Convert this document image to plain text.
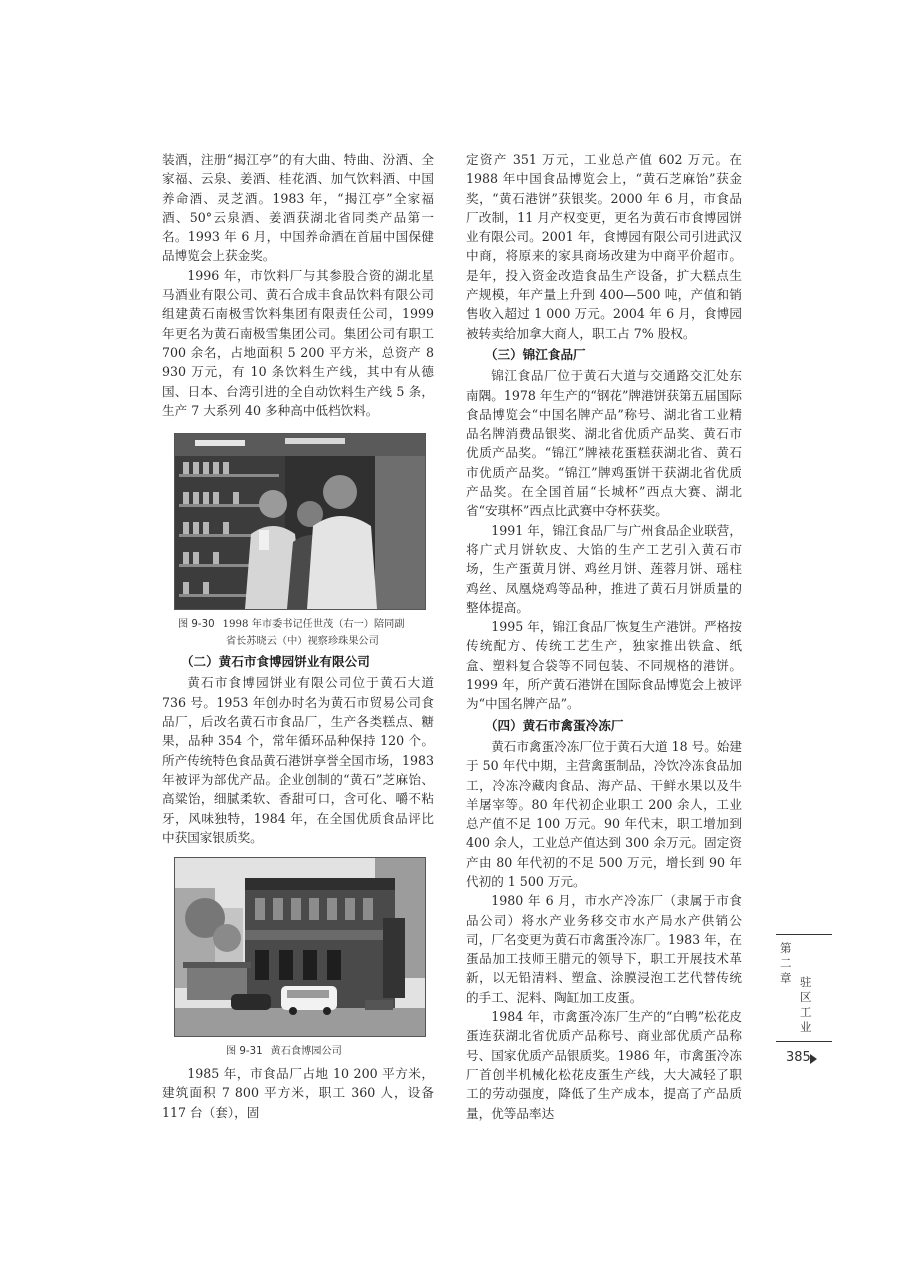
装酒，注册“揭江亭”的有大曲、特曲、汾酒、全家福、云泉、姜酒、桂花酒、加气饮料酒、中国养命酒、灵芝酒。1983 年，“揭江亭”全家福酒、50°云泉酒、姜酒获湖北省同类产品第一名。1993 年 6 月，中国养命酒在首届中国保健品博览会上获金奖。

1996 年，市饮料厂与其参股合资的湖北星马酒业有限公司、黄石合成丰食品饮料有限公司组建黄石南极雪饮料集团有限责任公司，1999 年更名为黄石南极雪集团公司。集团公司有职工 700 余名，占地面积 5 200 平方米，总资产 8 930 万元，有 10 条饮料生产线，其中有从德国、日本、台湾引进的全自动饮料生产线 5 条，生产 7 大系列 40 多种高中低档饮料。

图 9-30 1998 年市委书记任世茂（右一）陪同副

省长苏晓云（中）视察珍珠果公司

（二）黄石市食博园饼业有限公司

黄石市食博园饼业有限公司位于黄石大道 736 号。1953 年创办时名为黄石市贸易公司食品厂，后改名黄石市食品厂，生产各类糕点、糖果，品种 354 个，常年循环品种保持 120 个。所产传统特色食品黄石港饼享誉全国市场，1983 年被评为部优产品。企业创制的“黄石”芝麻饴、高粱饴，细腻柔软、香甜可口，含可化、嚼不粘牙，风味独特，1984 年，在全国优质食品评比中获国家银质奖。

图 9-31 黄石食博园公司

1985 年，市食品厂占地 10 200 平方米，建筑面积 7 800 平方米，职工 360 人，设备 117 台（套），固

定资产 351 万元，工业总产值 602 万元。在 1988 年中国食品博览会上，“黄石芝麻饴”获金奖，“黄石港饼”获银奖。2000 年 6 月，市食品厂改制，11 月产权变更，更名为黄石市食博园饼业有限公司。2001 年，食博园有限公司引进武汉中商，将原来的家具商场改建为中商平价超市。是年，投入资金改造食品生产设备，扩大糕点生产规模，年产量上升到 400—500 吨，产值和销售收入超过 1 000 万元。2004 年 6 月，食博园被转卖给加拿大商人，职工占 7% 股权。

（三）锦江食品厂

锦江食品厂位于黄石大道与交通路交汇处东南隅。1978 年生产的“钢花”牌港饼获第五届国际食品博览会“中国名牌产品”称号、湖北省工业精品名牌消费品银奖、湖北省优质产品奖、黄石市优质产品奖。“锦江”牌裱花蛋糕获湖北省、黄石市优质产品奖。“锦江”牌鸡蛋饼干获湖北省优质产品奖。在全国首届“长城杯”西点大赛、湖北省“安琪杯”西点比武赛中夺杯获奖。

1991 年，锦江食品厂与广州食品企业联营，将广式月饼软皮、大馅的生产工艺引入黄石市场，生产蛋黄月饼、鸡丝月饼、莲蓉月饼、瑶柱鸡丝、凤凰烧鸡等品种，推进了黄石月饼质量的整体提高。

1995 年，锦江食品厂恢复生产港饼。严格按传统配方、传统工艺生产，独家推出铁盒、纸盒、塑料复合袋等不同包装、不同规格的港饼。1999 年，所产黄石港饼在国际食品博览会上被评为“中国名牌产品”。

（四）黄石市禽蛋冷冻厂

黄石市禽蛋冷冻厂位于黄石大道 18 号。始建于 50 年代中期，主营禽蛋制品，冷饮冷冻食品加工，冷冻冷藏肉食品、海产品、干鲜水果以及牛羊屠宰等。80 年代初企业职工 200 余人，工业总产值不足 100 万元。90 年代末，职工增加到 400 余人，工业总产值达到 300 余万元。固定资产由 80 年代初的不足 500 万元，增长到 90 年代初的 1 500 万元。

1980 年 6 月，市水产冷冻厂（隶属于市食品公司）将水产业务移交市水产局水产供销公司，厂名变更为黄石市禽蛋冷冻厂。1983 年，在蛋品加工技师王腊元的领导下，职工开展技术革新，以无铅清料、塑盒、涂膜浸泡工艺代替传统的手工、泥料、陶缸加工皮蛋。

1984 年，市禽蛋冷冻厂生产的“白鸭”松花皮蛋连获湖北省优质产品称号、商业部优质产品称号、国家优质产品银质奖。1986 年，市禽蛋冷冻厂首创半机械化松花皮蛋生产线，大大减轻了职工的劳动强度，降低了生产成本，提高了产品质量，优等品率达

第二章 驻区工业
385
